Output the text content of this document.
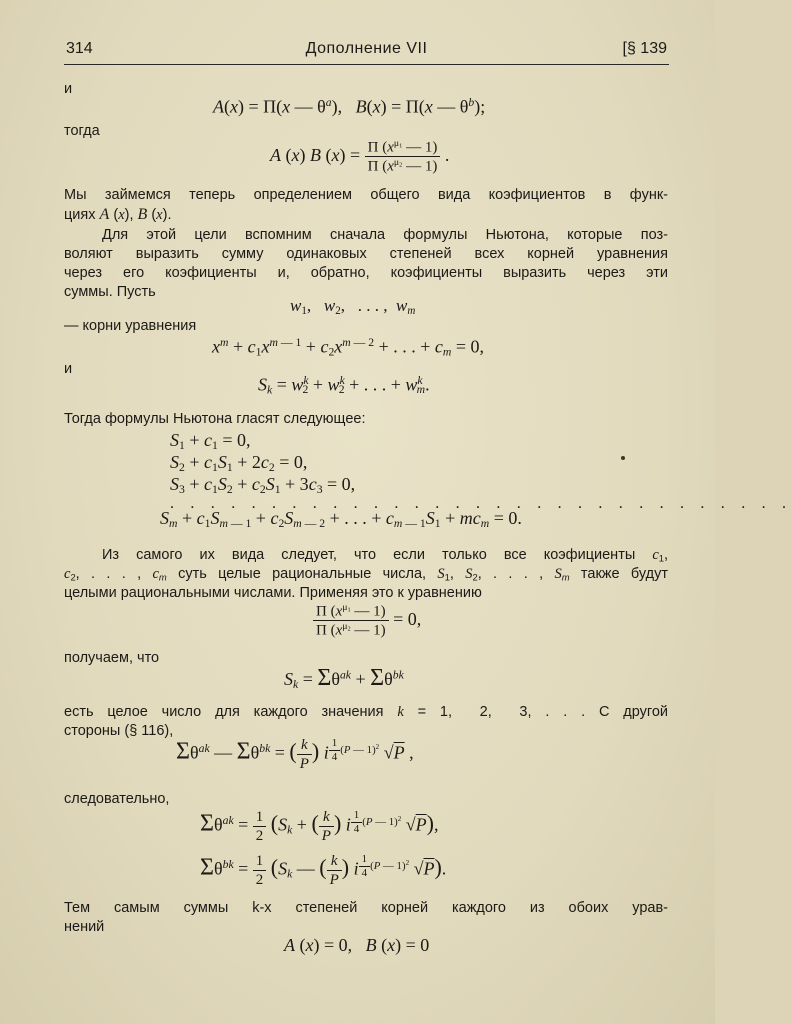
314	Дополнение VII	[§ 139
и
A(x) = Π(x — $\theta^a$),   B(x) = Π(x — $\theta^b$);
тогда
A (x) B $(x) = \frac{\Pi (x^{\mu_1} — 1)}{\Pi (x^{\mu_2} — 1)}$ .
Мы займемся теперь определением общего вида коэфициентов в функ-
циях A (x), B (x).
Для этой цели вспомним сначала формулы Ньютона, которые поз-
воляют выразить сумму одинаковых степеней всех корней уравнения
через его коэфициенты и, обратно, коэфициенты выразить через эти
суммы. Пусть
$w_1$,   $w_2$,   . . . ,  $w_m$
— корни уравнения
$x^m + c_1x^{m — 1} + c_2x^{m — 2}$ + . . . + $c_m = 0$,
и
$S_k = w^k_2 + w^k_2$ + . . . + $w^k_m$.
Тогда формулы Ньютона гласят следующее:
$S_1 + c_1 = 0$,
$S_2 + c_1S_1 + 2c_2 = 0$,
$S_3 + c_1S_2 + c_2S_1 + 3c_3 = 0$,
. . . . . . . . . . . . . . . . . . . . . . . . . . . . . . .
$S_m + c_1S_{m — 1} + c_2S_{m — 2}$ + . . . + $c_{m — 1}S_1 + mc_m = 0$.
Из самого их вида следует, что если только все коэфициенты $c_1$,
$c_2$, . . . , $c_m$ суть целые рациональные числа, $S_1$, $S_2$, . . . , $S_m$ также будут
целыми рациональными числами. Применяя это к уравнению
$\frac{\Pi (x^{\mu_1} — 1)}{\Pi (x^{\mu_2} — 1)} = 0$,
получаем, что
$S_k = \Sigma\theta^{ak} + \Sigma\theta^{bk}$
есть целое число для каждого значения k = 1,  2,  3, . . . С другой
стороны (§ 116),
$\Sigma\theta^{ak}$ — $\Sigma\theta^{bk}$ = ( $\frac{k}{P}$ ) i $^{\frac{1}{4} (P — 1)^2}$ √P ,
следовательно,
$\Sigma\theta^{ak} = \frac{1}{2} (S_k$ + ( $\frac{k}{P}$ ) i $^{\frac{1}{4} (P — 1)^2}$ √P),
$\Sigma\theta^{bk} = \frac{1}{2} (S_k$ — ( $\frac{k}{P}$ ) i $^{\frac{1}{4} (P — 1)^2}$ √P).
Тем самым суммы k-х степеней корней каждого из обоих урав-
нений
A (x) = 0,   B (x) = 0
